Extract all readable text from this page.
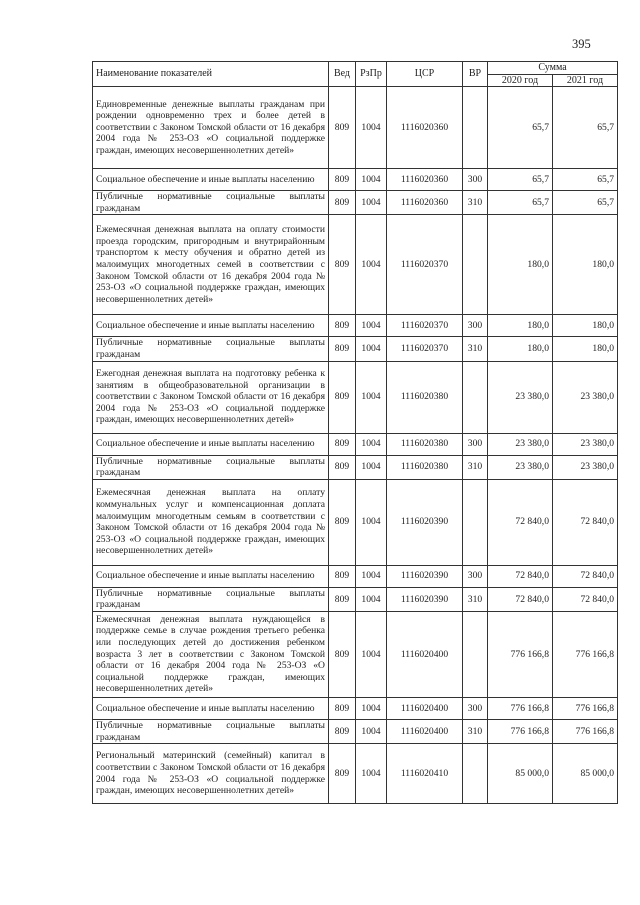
395
Наименование показателей	Вед	РзПр	ЦСР	ВР	Сумма	
					2020 год	2021 год
Единовременные денежные выплаты гражданам при рождении одновременно трех и более детей в соответствии с Законом Томской области от 16 декабря 2004 года № 253-ОЗ «О социальной поддержке граждан, имеющих несовершеннолетних детей»	809	1004	1116020360		65,7	65,7
Социальное обеспечение и иные выплаты населению	809	1004	1116020360	300	65,7	65,7
Публичные нормативные социальные выплаты гражданам	809	1004	1116020360	310	65,7	65,7
Ежемесячная денежная выплата на оплату стоимости проезда городским, пригородным и внутрирайонным транспортом к месту обучения и обратно детей из малоимущих многодетных семей в соответствии с Законом Томской области от 16 декабря 2004 года № 253-ОЗ «О социальной поддержке граждан, имеющих несовершеннолетних детей»	809	1004	1116020370		180,0	180,0
Социальное обеспечение и иные выплаты населению	809	1004	1116020370	300	180,0	180,0
Публичные нормативные социальные выплаты гражданам	809	1004	1116020370	310	180,0	180,0
Ежегодная денежная выплата на подготовку ребенка к занятиям в общеобразовательной организации в соответствии с Законом Томской области от 16 декабря 2004 года № 253-ОЗ «О социальной поддержке граждан, имеющих несовершеннолетних детей»	809	1004	1116020380		23 380,0	23 380,0
Социальное обеспечение и иные выплаты населению	809	1004	1116020380	300	23 380,0	23 380,0
Публичные нормативные социальные выплаты гражданам	809	1004	1116020380	310	23 380,0	23 380,0
Ежемесячная денежная выплата на оплату коммунальных услуг и компенсационная доплата малоимущим многодетным семьям в соответствии с Законом Томской области от 16 декабря 2004 года № 253-ОЗ «О социальной поддержке граждан, имеющих несовершеннолетних детей»	809	1004	1116020390		72 840,0	72 840,0
Социальное обеспечение и иные выплаты населению	809	1004	1116020390	300	72 840,0	72 840,0
Публичные нормативные социальные выплаты гражданам	809	1004	1116020390	310	72 840,0	72 840,0
Ежемесячная денежная выплата нуждающейся в поддержке семье в случае рождения третьего ребенка или последующих детей до достижения ребенком возраста 3 лет в соответствии с Законом Томской области от 16 декабря 2004 года № 253-ОЗ «О социальной поддержке граждан, имеющих несовершеннолетних детей»	809	1004	1116020400		776 166,8	776 166,8
Социальное обеспечение и иные выплаты населению	809	1004	1116020400	300	776 166,8	776 166,8
Публичные нормативные социальные выплаты гражданам	809	1004	1116020400	310	776 166,8	776 166,8
Региональный материнский (семейный) капитал в соответствии с Законом Томской области от 16 декабря 2004 года № 253-ОЗ «О социальной поддержке граждан, имеющих несовершеннолетних детей»	809	1004	1116020410		85 000,0	85 000,0
